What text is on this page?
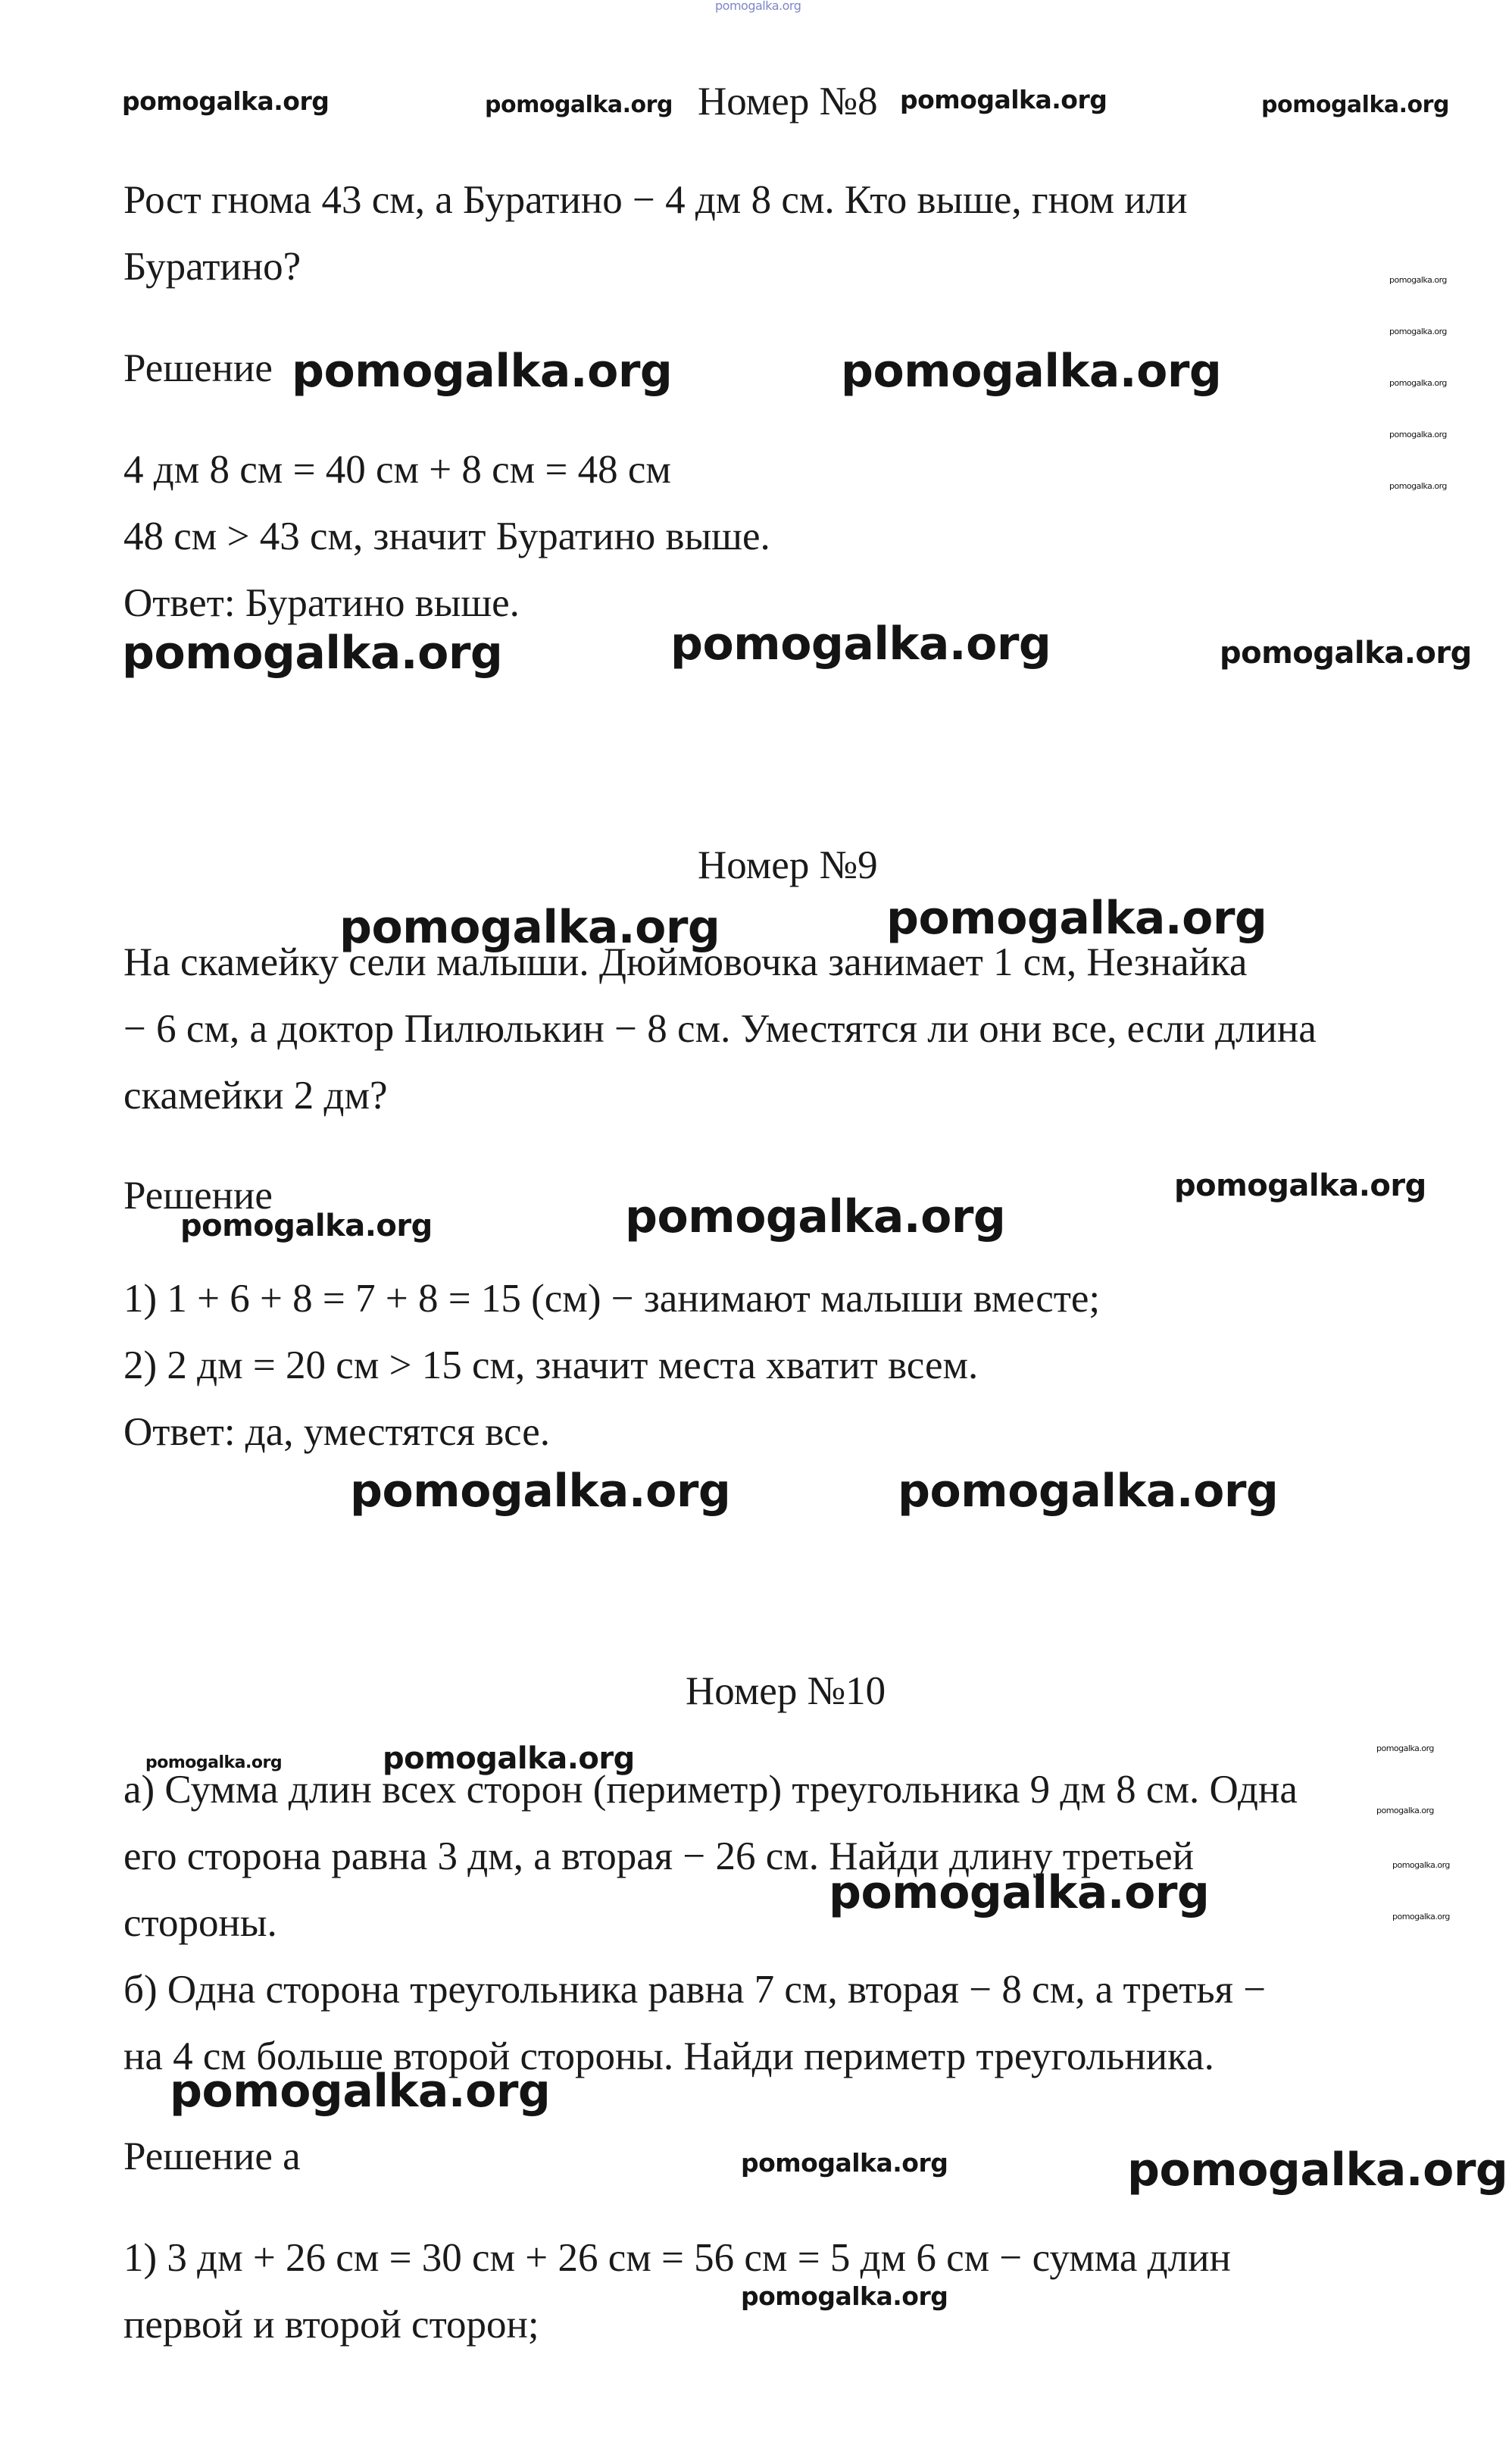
pomogalka.org
pomogalka.org	pomogalka.org	pomogalka.org	pomogalka.org
pomogalka.org
pomogalka.org
pomogalka.org
pomogalka.org
pomogalka.org
pomogalka.org	pomogalka.org
pomogalka.org	pomogalka.org	pomogalka.org
pomogalka.org	pomogalka.org
pomogalka.org
pomogalka.org	pomogalka.org
pomogalka.org	pomogalka.org
pomogalka.org	pomogalka.org	pomogalka.org
pomogalka.org
pomogalka.org
pomogalka.org
pomogalka.org
pomogalka.org
pomogalka.org	pomogalka.org
pomogalka.org
Номер №8
Рост гнома 43 см, а Буратино − 4 дм 8 см. Кто выше, гном или
Буратино?
Решение
4 дм 8 см = 40 см + 8 см = 48 см
48 см > 43 см, значит Буратино выше.
Ответ: Буратино выше.
Номер №9
На скамейку сели малыши. Дюймовочка занимает 1 см, Незнайка
− 6 см, а доктор Пилюлькин − 8 см. Уместятся ли они все, если длина
скамейки 2 дм?
Решение
1) 1 + 6 + 8 = 7 + 8 = 15 (см) − занимают малыши вместе;
2) 2 дм = 20 см > 15 см, значит места хватит всем.
Ответ: да, уместятся все.
Номер №10
а) Сумма длин всех сторон (периметр) треугольника 9 дм 8 см. Одна
его сторона равна 3 дм, а вторая − 26 см. Найди длину третьей
стороны.
б) Одна сторона треугольника равна 7 см, вторая − 8 см, а третья −
на 4 см больше второй стороны. Найди периметр треугольника.
Решение а
1) 3 дм + 26 см = 30 см + 26 см = 56 см = 5 дм 6 см − сумма длин
первой и второй сторон;
